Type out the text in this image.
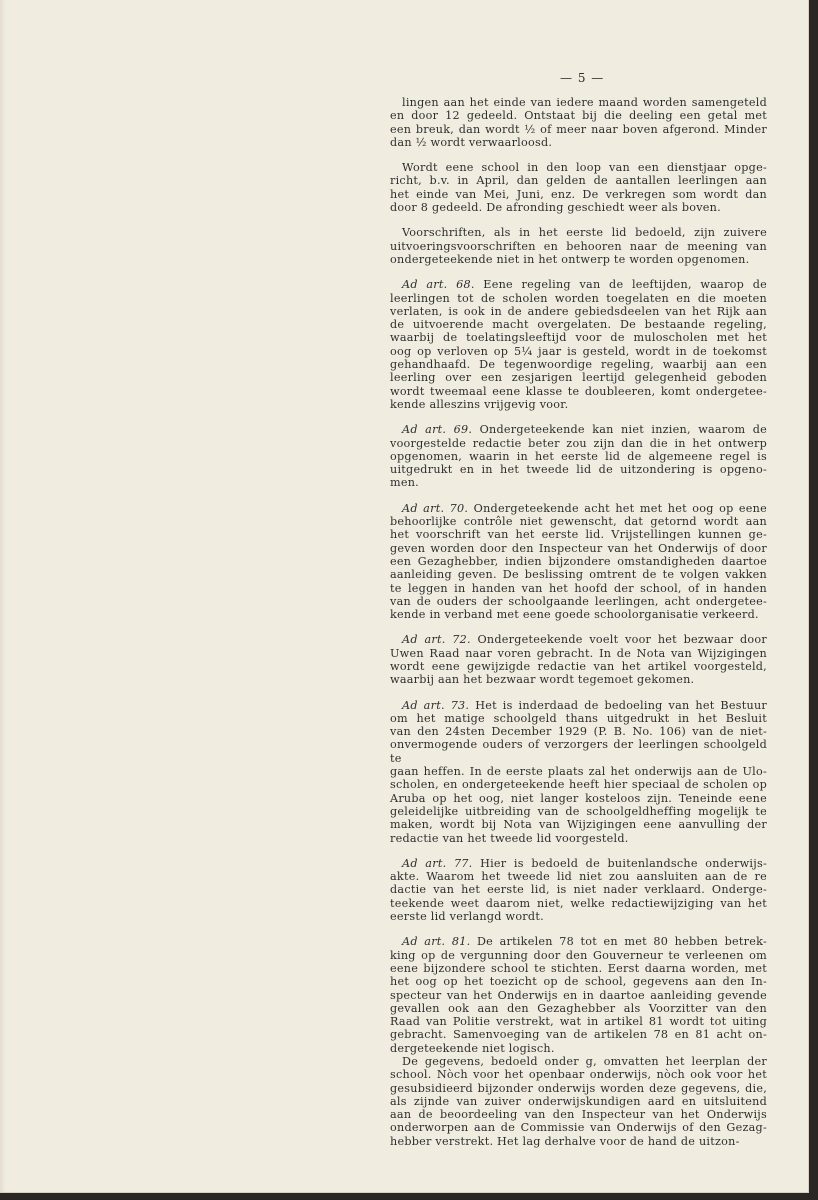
— 5 —
lingen aan het einde van iedere maand worden samengeteld
en door 12 gedeeld. Ontstaat bij die deeling een getal met
een breuk, dan wordt ½ of meer naar boven afgerond. Minder
dan ½ wordt verwaarloosd.
Wordt eene school in den loop van een dienstjaar opge-
richt, b.v. in April, dan gelden de aantallen leerlingen aan
het einde van Mei, Juni, enz. De verkregen som wordt dan
door 8 gedeeld. De afronding geschiedt weer als boven.
Voorschriften, als in het eerste lid bedoeld, zijn zuivere
uitvoeringsvoorschriften en behooren naar de meening van
ondergeteekende niet in het ontwerp te worden opgenomen.
Ad art. 68. Eene regeling van de leeftijden, waarop de
leerlingen tot de scholen worden toegelaten en die moeten
verlaten, is ook in de andere gebiedsdeelen van het Rijk aan
de uitvoerende macht overgelaten. De bestaande regeling,
waarbij de toelatingsleeftijd voor de muloscholen met het
oog op verloven op 5¼ jaar is gesteld, wordt in de toekomst
gehandhaafd. De tegenwoordige regeling, waarbij aan een
leerling over een zesjarigen leertijd gelegenheid geboden
wordt tweemaal eene klasse te doubleeren, komt ondergetee-
kende alleszins vrijgevig voor.
Ad art. 69. Ondergeteekende kan niet inzien, waarom de
voorgestelde redactie beter zou zijn dan die in het ontwerp
opgenomen, waarin in het eerste lid de algemeene regel is
uitgedrukt en in het tweede lid de uitzondering is opgeno-
men.
Ad art. 70. Ondergeteekende acht het met het oog op eene
behoorlijke contrôle niet gewenscht, dat getornd wordt aan
het voorschrift van het eerste lid. Vrijstellingen kunnen ge-
geven worden door den Inspecteur van het Onderwijs of door
een Gezaghebber, indien bijzondere omstandigheden daartoe
aanleiding geven. De beslissing omtrent de te volgen vakken
te leggen in handen van het hoofd der school, of in handen
van de ouders der schoolgaande leerlingen, acht ondergetee-
kende in verband met eene goede schoolorganisatie verkeerd.
Ad art. 72. Ondergeteekende voelt voor het bezwaar door
Uwen Raad naar voren gebracht. In de Nota van Wijzigingen
wordt eene gewijzigde redactie van het artikel voorgesteld,
waarbij aan het bezwaar wordt tegemoet gekomen.
Ad art. 73. Het is inderdaad de bedoeling van het Bestuur
om het matige schoolgeld thans uitgedrukt in het Besluit
van den 24sten December 1929 (P. B. No. 106) van de niet-
onvermogende ouders of verzorgers der leerlingen schoolgeld te
gaan heffen. In de eerste plaats zal het onderwijs aan de Ulo-
scholen, en ondergeteekende heeft hier speciaal de scholen op
Aruba op het oog, niet langer kosteloos zijn. Teneinde eene
geleidelijke uitbreiding van de schoolgeldheffing mogelijk te
maken, wordt bij Nota van Wijzigingen eene aanvulling der
redactie van het tweede lid voorgesteld.
Ad art. 77. Hier is bedoeld de buitenlandsche onderwijs-
akte. Waarom het tweede lid niet zou aansluiten aan de re
dactie van het eerste lid, is niet nader verklaard. Onderge-
teekende weet daarom niet, welke redactiewijziging van het
eerste lid verlangd wordt.
Ad art. 81. De artikelen 78 tot en met 80 hebben betrek-
king op de vergunning door den Gouverneur te verleenen om
eene bijzondere school te stichten. Eerst daarna worden, met
het oog op het toezicht op de school, gegevens aan den In-
specteur van het Onderwijs en in daartoe aanleiding gevende
gevallen ook aan den Gezaghebber als Voorzitter van den
Raad van Politie verstrekt, wat in artikel 81 wordt tot uiting
gebracht. Samenvoeging van de artikelen 78 en 81 acht on-
dergeteekende niet logisch.
De gegevens, bedoeld onder g, omvatten het leerplan der
school. Nòch voor het openbaar onderwijs, nòch ook voor het
gesubsidieerd bijzonder onderwijs worden deze gegevens, die,
als zijnde van zuiver onderwijskundigen aard en uitsluitend
aan de beoordeeling van den Inspecteur van het Onderwijs
onderworpen aan de Commissie van Onderwijs of den Gezag-
hebber verstrekt. Het lag derhalve voor de hand de uitzon-
